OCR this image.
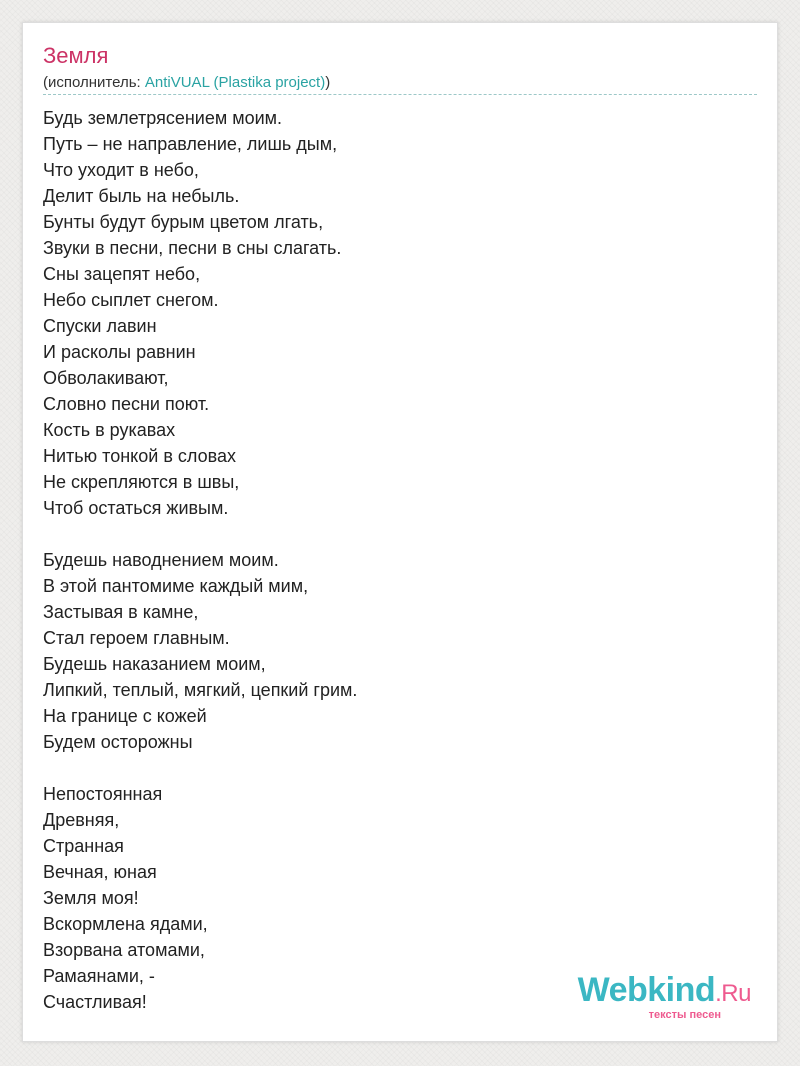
Земля
(исполнитель: AntiVUAL (Plastika project))
Будь землетрясением моим.
Путь – не направление, лишь дым,
Что уходит в небо,
Делит быль на небыль.
Бунты будут бурым цветом лгать,
Звуки в песни, песни в сны слагать.
Сны зацепят небо,
Небо сыплет снегом.
Спуски лавин
И расколы равнин
Обволакивают,
Словно песни поют.
Кость в рукавах
Нитью тонкой в словах
Не скрепляются в швы,
Чтоб остаться живым.
Будешь наводнением моим.
В этой пантомиме каждый мим,
Застывая в камне,
Стал героем главным.
Будешь наказанием моим,
Липкий, теплый, мягкий, цепкий грим.
На границе с кожей
Будем осторожны
Непостоянная
Древняя,
Странная
Вечная, юная
Земля моя!
Вскормлена ядами,
Взорвана атомами,
Рамаянами, -
Счастливая!	Webkind.Ru
тексты песен
